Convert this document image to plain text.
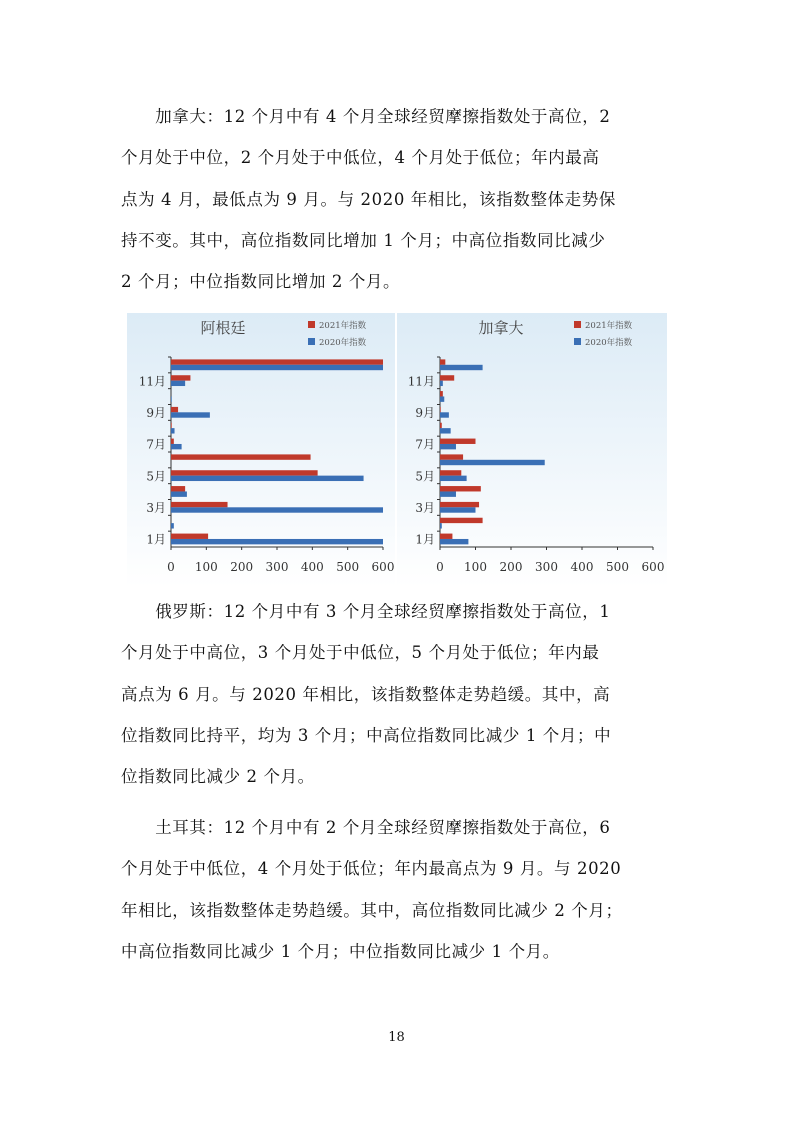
　　加拿大：12 个月中有 4 个月全球经贸摩擦指数处于高位，2
个月处于中位，2 个月处于中低位，4 个月处于低位；年内最高
点为 4 月，最低点为 9 月。与 2020 年相比，该指数整体走势保
持不变。其中，高位指数同比增加 1 个月；中高位指数同比减少
2 个月；中位指数同比增加 2 个月。
阿根廷	2021年指数
2020年指数
1月
3月
5月
7月
9月
11月
0 100 200 300 400 500 600
加拿大	2021年指数
2020年指数
1月
3月
5月
7月
9月
11月
0 100 200 300 400 500 600
　　俄罗斯：12 个月中有 3 个月全球经贸摩擦指数处于高位，1
个月处于中高位，3 个月处于中低位，5 个月处于低位；年内最
高点为 6 月。与 2020 年相比，该指数整体走势趋缓。其中，高
位指数同比持平，均为 3 个月；中高位指数同比减少 1 个月；中
位指数同比减少 2 个月。
　　土耳其：12 个月中有 2 个月全球经贸摩擦指数处于高位，6
个月处于中低位，4 个月处于低位；年内最高点为 9 月。与 2020
年相比，该指数整体走势趋缓。其中，高位指数同比减少 2 个月；
中高位指数同比减少 1 个月；中位指数同比减少 1 个月。
18
